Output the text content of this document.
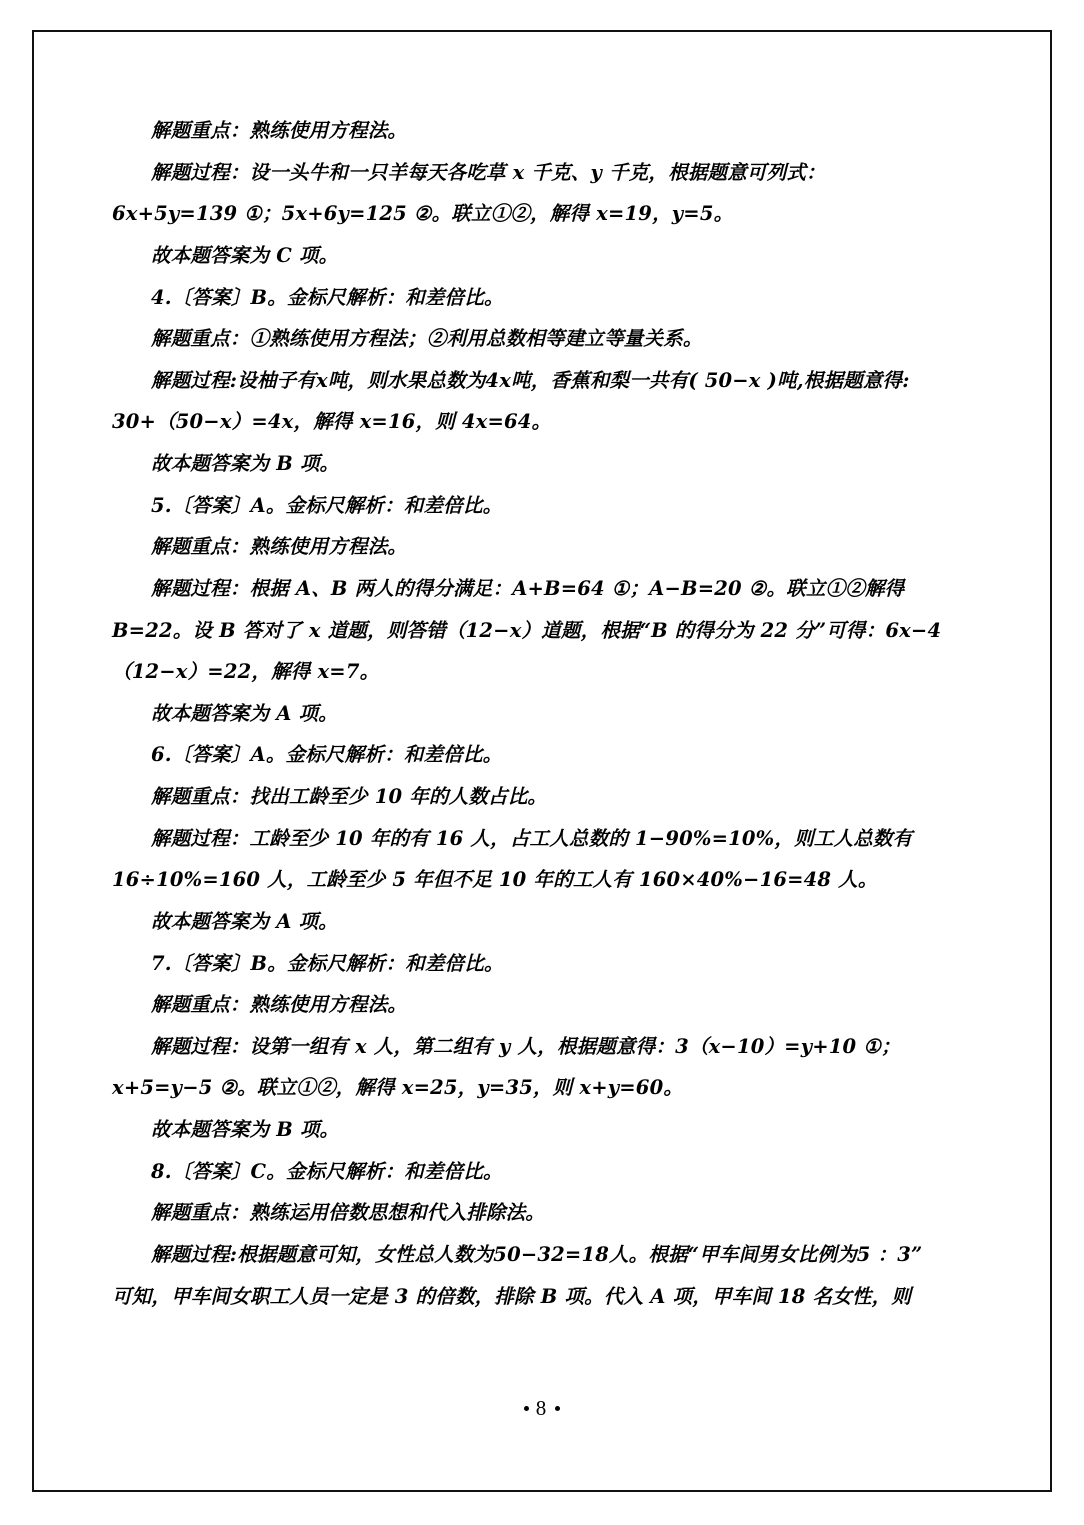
解题重点：熟练使用方程法。

解题过程：设一头牛和一只羊每天各吃草 x 千克、y 千克，根据题意可列式：

6x+5y=139 ①；5x+6y=125 ②。联立①②，解得 x=19，y=5。

故本题答案为 C 项。

4.〔答案〕B。金标尺解析：和差倍比。

解题重点：①熟练使用方程法；②利用总数相等建立等量关系。

解题过程:设柚子有x吨，则水果总数为4x吨，香蕉和梨一共有( 50−x )吨,根据题意得:

30+（50−x）=4x，解得 x=16，则 4x=64。

故本题答案为 B 项。

5.〔答案〕A。金标尺解析：和差倍比。

解题重点：熟练使用方程法。

解题过程：根据 A、B 两人的得分满足：A+B=64 ①；A−B=20 ②。联立①②解得

B=22。设 B 答对了 x 道题，则答错（12−x）道题，根据“B 的得分为 22 分”可得：6x−4

（12−x）=22，解得 x=7。

故本题答案为 A 项。

6.〔答案〕A。金标尺解析：和差倍比。

解题重点：找出工龄至少 10 年的人数占比。

解题过程：工龄至少 10 年的有 16 人，占工人总数的 1−90%=10%，则工人总数有

16÷10%=160 人，工龄至少 5 年但不足 10 年的工人有 160×40%−16=48 人。

故本题答案为 A 项。

7.〔答案〕B。金标尺解析：和差倍比。

解题重点：熟练使用方程法。

解题过程：设第一组有 x 人，第二组有 y 人，根据题意得：3（x−10）=y+10 ①；

x+5=y−5 ②。联立①②，解得 x=25，y=35，则 x+y=60。

故本题答案为 B 项。

8.〔答案〕C。金标尺解析：和差倍比。

解题重点：熟练运用倍数思想和代入排除法。

解题过程:根据题意可知，女性总人数为50−32=18人。根据“甲车间男女比例为5 ：3”

可知，甲车间女职工人员一定是 3 的倍数，排除 B 项。代入 A 项，甲车间 18 名女性，则

8
